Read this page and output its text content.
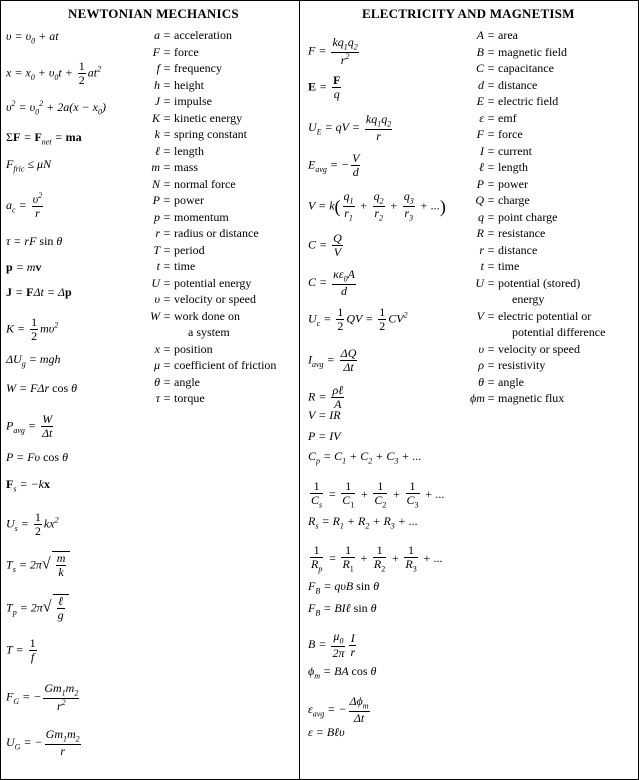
NEWTONIAN MECHANICS	ELECTRICITY AND MAGNETISM
$\upsilon = \upsilon_0$ + at
$x = x_0 + \upsilon_0t + \frac{1}{2} at^2$
$\upsilon^2 = \upsilon_0^2 + 2a(x - x_0)$
$\Sigma F = F_{net}$ = ma
$F_{fric} \le \mu N$
$a_c = \frac{\upsilon^2}{r}$
τ = rF sin θ
p = mv
J = FΔt = Δp
$K = \frac{1}{2} m\upsilon^2$
$\Delta U_g$ = mgh
W = FΔr cos θ
$P_{avg} = \frac{W}{\Delta t}$
P = Fυ cos θ
$F_s = -kx$
$U_s = \frac{1}{2} kx^2$
$T_s = 2\pi√ \frac{m}{k}$
$T_p = 2\pi√ \frac{\text{ℓ}}{g}$
$T = \frac{1}{f}$
$F_G$ = − $\frac{Gm_1m_2}{r^2}$
$U_G$ = − $\frac{Gm_1m_2}{r}$
a = acceleration
F = force
f = frequency
h = height
J = impulse
K = kinetic energy
k = spring constant
ℓ = length
m = mass
N = normal force
P = power
p = momentum
r = radius or distance
T = period
t = time
U = potential energy
υ = velocity or speed
W = work done on
a system
x = position
μ = coefficient of friction
θ = angle
τ = torque
$F = \frac{kq_1q_2}{r^2}$
$E = \frac{F}{q}$
$U_E$ = qV = $\frac{kq_1q_2}{r}$
$E_{avg}$ = − $\frac{V}{d}$
$V = k( \frac{q_1}{r_1} + \frac{q_2}{r_2} + \frac{q_3}{r_3}$ + ...)
$C = \frac{Q}{V}$
$C = \frac{\kappa\varepsilon_0A}{d}$
$U_c = \frac{1}{2}$ QV = $\frac{1}{2} CV^2$
$I_{avg} = \frac{\Delta Q}{\Delta t}$
$R = \frac{\text{ρℓ}}{A}$
V = IR
P = IV
$C_p = C_1 + C_2 + C_3$ + ...
$\frac{1}{C_s} = \frac{1}{C_1} + \frac{1}{C_2} + \frac{1}{C_3}$ + ...
$R_s = R_1 + R_2 + R_3$ + ...
$\frac{1}{R_p} = \frac{1}{R_1} + \frac{1}{R_2} + \frac{1}{R_3}$ + ...
$F_B = q\upsilon B$ sin θ
$F_B$ = BIℓ sin θ
$B = \frac{\mu_0}{2\pi} \frac{I}{r}$
$\phi_m$ = BA cos θ
$\varepsilon_{avg}$ = − $\frac{\Delta\phi_m}{\Delta t}$
ε = Bℓυ
A = area
B = magnetic field
C = capacitance
d = distance
E = electric field
ε = emf
F = force
I = current
ℓ = length
P = power
Q = charge
q = point charge
R = resistance
r = distance
t = time
U = potential (stored)
energy
V = electric potential or
potential difference
υ = velocity or speed
ρ = resistivity
θ = angle
ϕm = magnetic flux
